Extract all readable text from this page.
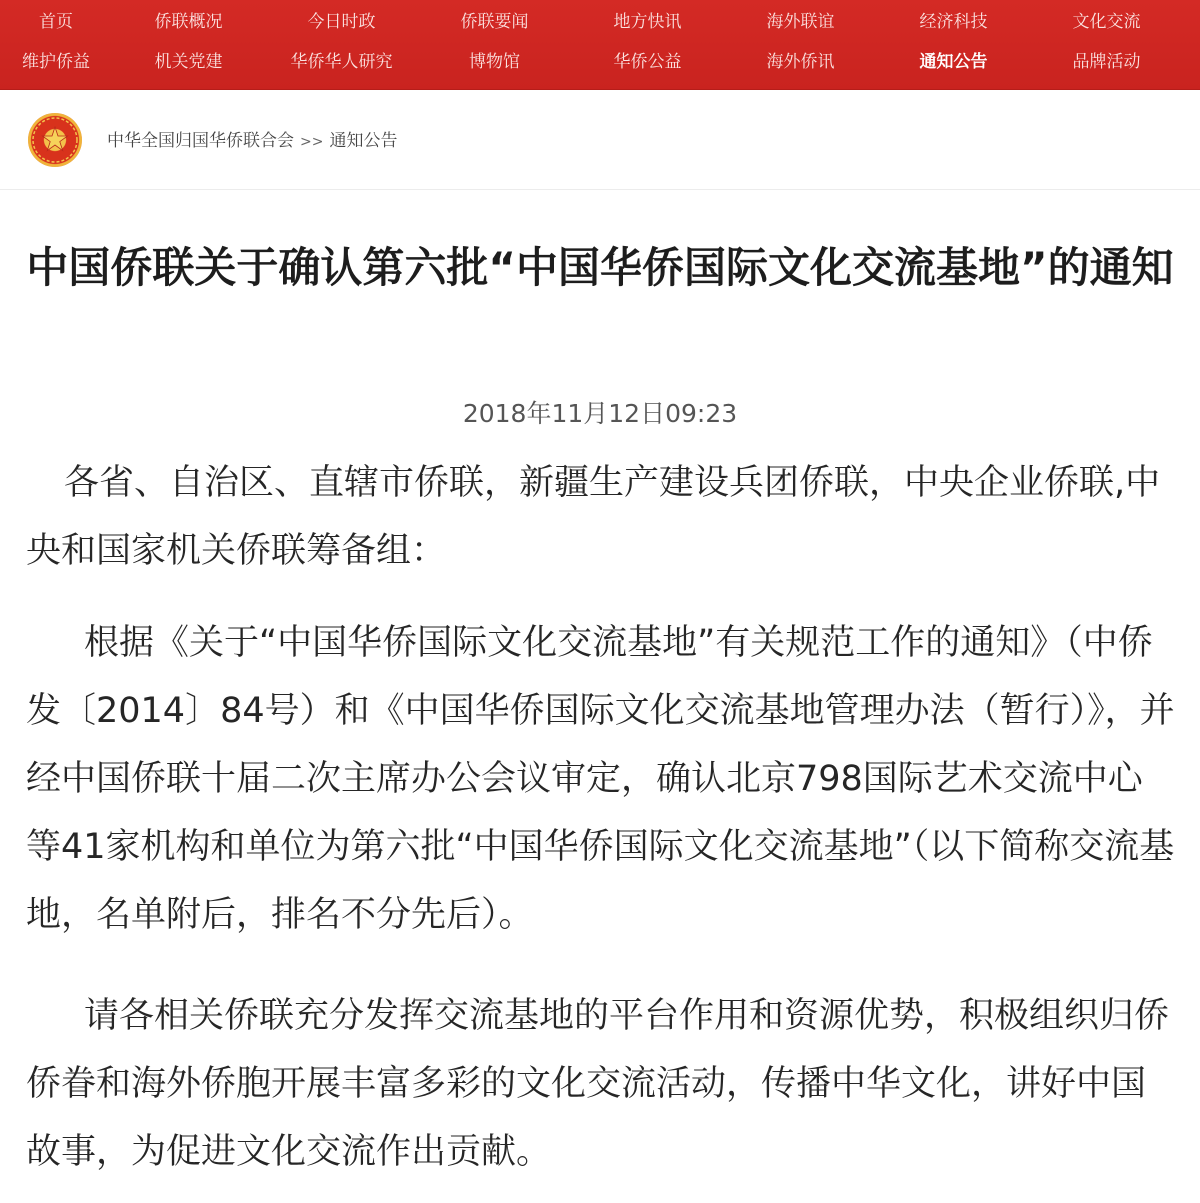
首页	侨联概况	今日时政	侨联要闻	地方快讯	海外联谊	经济科技	文化交流
维护侨益	机关党建	华侨华人研究	博物馆	华侨公益	海外侨讯	通知公告	品牌活动
中华全国归国华侨联合会 >> 通知公告
中国侨联关于确认第六批“中国华侨国际文化交流基地”的通知
2018年11月12日09:23

各省、自治区、直辖市侨联，新疆生产建设兵团侨联，中央企业侨联,中央和国家机关侨联筹备组：

根据《关于“中国华侨国际文化交流基地”有关规范工作的通知》（中侨发〔2014〕84号）和《中国华侨国际文化交流基地管理办法（暂行）》，并经中国侨联十届二次主席办公会议审定，确认北京798国际艺术交流中心等41家机构和单位为第六批“中国华侨国际文化交流基地”（以下简称交流基地，名单附后，排名不分先后）。

请各相关侨联充分发挥交流基地的平台作用和资源优势，积极组织归侨侨眷和海外侨胞开展丰富多彩的文化交流活动，传播中华文化，讲好中国故事，为促进文化交流作出贡献。
